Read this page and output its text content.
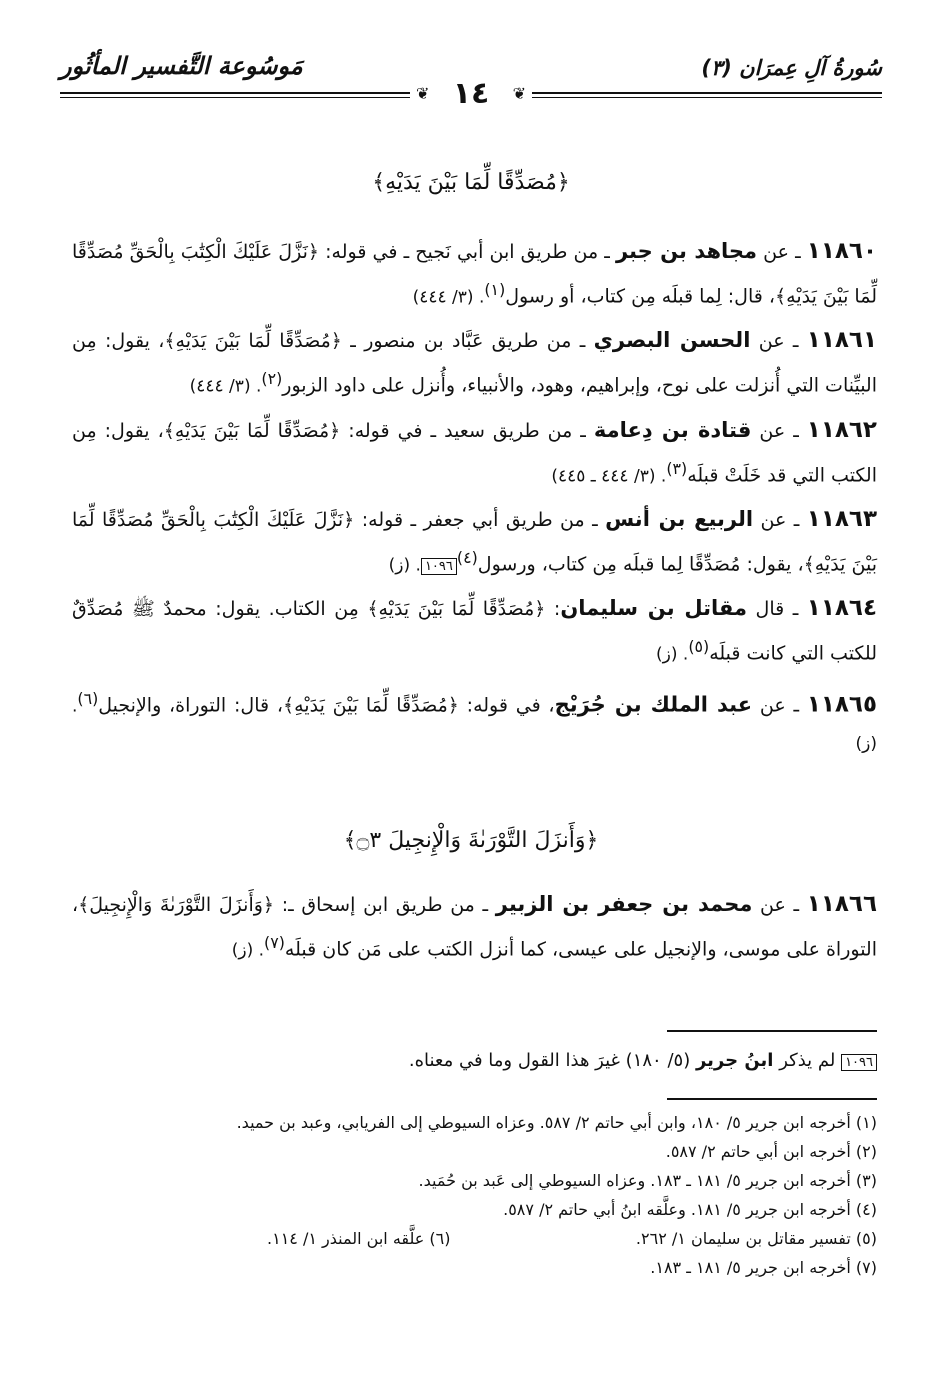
مَوسُوعة التَّفسير المأثُور	سُورةُ آلِ عِمرَان (٣)
❦ ١٤	❦
﴿مُصَدِّقًا لِّمَا بَيْنَ يَدَيْهِ﴾
١١٨٦٠ ـ عن مجاهد بن جبر ـ من طريق ابن أبي نَجيح ـ في قوله: ﴿نَزَّلَ عَلَيْكَ الْكِتَٰبَ بِالْحَقِّ مُصَدِّقًا لِّمَا بَيْنَ يَدَيْهِ﴾، قال: لِما قبلَه مِن كتاب، أو رسول$^{(١)}$. (٣/ ٤٤٤)
١١٨٦١ ـ عن الحسن البصري ـ من طريق عَبَّاد بن منصور ـ ﴿مُصَدِّقًا لِّمَا بَيْنَ يَدَيْهِ﴾، يقول: مِن البيِّنات التي أُنزلت على نوح، وإبراهيم، وهود، والأنبياء، وأُنزل على داود الزبور$^{(٢)}$. (٣/ ٤٤٤)
١١٨٦٢ ـ عن قتادة بن دِعامة ـ من طريق سعيد ـ في قوله: ﴿مُصَدِّقًا لِّمَا بَيْنَ يَدَيْهِ﴾، يقول: مِن الكتب التي قد خَلَتْ قبلَه$^{(٣)}$. (٣/ ٤٤٤ ـ ٤٤٥)
١١٨٦٣ ـ عن الربيع بن أنس ـ من طريق أبي جعفر ـ قوله: ﴿نَزَّلَ عَلَيْكَ الْكِتَٰبَ بِالْحَقِّ مُصَدِّقًا لِّمَا بَيْنَ يَدَيْهِ﴾، يقول: مُصَدِّقًا لِما قبلَه مِن كتاب، ورسول$^{(٤)}$١٠٩٦. (ز)
١١٨٦٤ ـ قال مقاتل بن سليمان: ﴿مُصَدِّقًا لِّمَا بَيْنَ يَدَيْهِ﴾ مِن الكتاب. يقول: محمدٌ ﷺ مُصَدِّقٌ للكتب التي كانت قبلَه$^{(٥)}$. (ز)
١١٨٦٥ ـ عن عبد الملك بن جُرَيْج، في قوله: ﴿مُصَدِّقًا لِّمَا بَيْنَ يَدَيْهِ﴾، قال: التوراة، والإنجيل$^{(٦)}$. (ز)
﴿وَأَنزَلَ التَّوْرَىٰةَ وَالْإِنجِيلَ ۝٣﴾
١١٨٦٦ ـ عن محمد بن جعفر بن الزبير ـ من طريق ابن إسحاق ـ: ﴿وَأَنزَلَ التَّوْرَىٰةَ وَالْإِنجِيلَ﴾، التوراة على موسى، والإنجيل على عيسى، كما أنزل الكتب على مَن كان قبلَه$^{(٧)}$. (ز)
١٠٩٦ لم يذكر ابنُ جرير (٥/ ١٨٠) غيرَ هذا القول وما في معناه.
(١) أخرجه ابن جرير ٥/ ١٨٠، وابن أبي حاتم ٢/ ٥٨٧. وعزاه السيوطي إلى الفريابي، وعبد بن حميد.
(٢) أخرجه ابن أبي حاتم ٢/ ٥٨٧.
(٣) أخرجه ابن جرير ٥/ ١٨١ ـ ١٨٣. وعزاه السيوطي إلى عَبد بن حُمَيد.
(٤) أخرجه ابن جرير ٥/ ١٨١. وعلَّقه ابنُ أبي حاتم ٢/ ٥٨٧.
(٥) تفسير مقاتل بن سليمان ١/ ٢٦٢.
(٦) علَّقه ابن المنذر ١/ ١١٤.
(٧) أخرجه ابن جرير ٥/ ١٨١ ـ ١٨٣.
